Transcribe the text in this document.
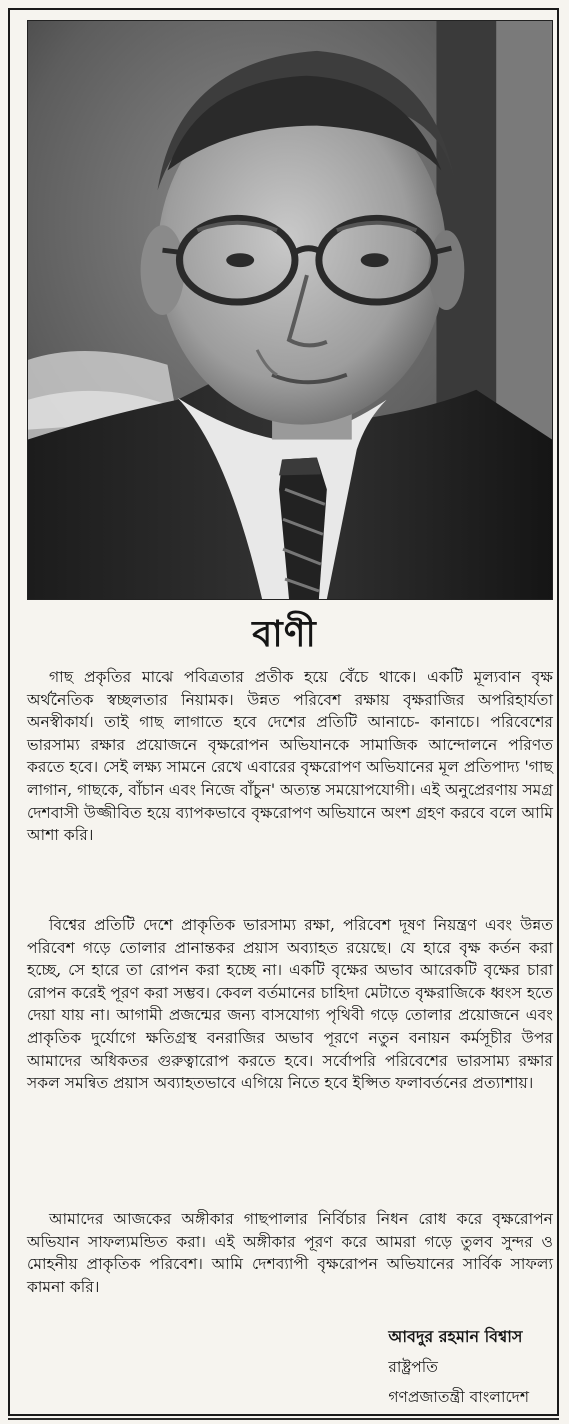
বাণী

গাছ প্রকৃতির মাঝে পবিত্রতার প্রতীক হয়ে বেঁচে থাকে। একটি মূল্যবান বৃক্ষ অর্থনৈতিক স্বচ্ছলতার নিয়ামক। উন্নত পরিবেশ রক্ষায় বৃক্ষরাজির অপরিহার্যতা অনস্বীকার্য। তাই গাছ লাগাতে হবে দেশের প্রতিটি আনাচে- কানাচে। পরিবেশের ভারসাম্য রক্ষার প্রয়োজনে বৃক্ষরোপন অভিযানকে সামাজিক আন্দোলনে পরিণত করতে হবে। সেই লক্ষ্য সামনে রেখে এবারের বৃক্ষরোপণ অভিযানের মূল প্রতিপাদ্য 'গাছ লাগান, গাছকে, বাঁচান এবং নিজে বাঁচুন' অত্যন্ত সময়োপযোগী। এই অনুপ্রেরণায় সমগ্র দেশবাসী উজ্জীবিত হয়ে ব্যাপকভাবে বৃক্ষরোপণ অভিযানে অংশ গ্রহণ করবে বলে আমি আশা করি।

বিশ্বের প্রতিটি দেশে প্রাকৃতিক ভারসাম্য রক্ষা, পরিবেশ দূষণ নিয়ন্ত্রণ এবং উন্নত পরিবেশ গড়ে তোলার প্রানান্তকর প্রয়াস অব্যাহত রয়েছে। যে হারে বৃক্ষ কর্তন করা হচ্ছে, সে হারে তা রোপন করা হচ্ছে না। একটি বৃক্ষের অভাব আরেকটি বৃক্ষের চারা রোপন করেই পূরণ করা সম্ভব। কেবল বর্তমানের চাহিদা মেটাতে বৃক্ষরাজিকে ধ্বংস হতে দেয়া যায় না। আগামী প্রজন্মের জন্য বাসযোগ্য পৃথিবী গড়ে তোলার প্রয়োজনে এবং প্রাকৃতিক দুর্যোগে ক্ষতিগ্রস্থ বনরাজির অভাব পূরণে নতুন বনায়ন কর্মসূচীর উপর আমাদের অধিকতর গুরুত্বারোপ করতে হবে। সর্বোপরি পরিবেশের ভারসাম্য রক্ষার সকল সমন্বিত প্রয়াস অব্যাহতভাবে এগিয়ে নিতে হবে ইপ্সিত ফলাবর্তনের প্রত্যাশায়।

আমাদের আজকের অঙ্গীকার গাছপালার নির্বিচার নিধন রোধ করে বৃক্ষরোপন অভিযান সাফল্যমন্ডিত করা। এই অঙ্গীকার পূরণ করে আমরা গড়ে তুলব সুন্দর ও মোহনীয় প্রাকৃতিক পরিবেশ। আমি দেশব্যাপী বৃক্ষরোপন অভিযানের সার্বিক সাফল্য কামনা করি।

আবদুর রহমান বিশ্বাস
রাষ্ট্রপতি
গণপ্রজাতন্ত্রী বাংলাদেশ
